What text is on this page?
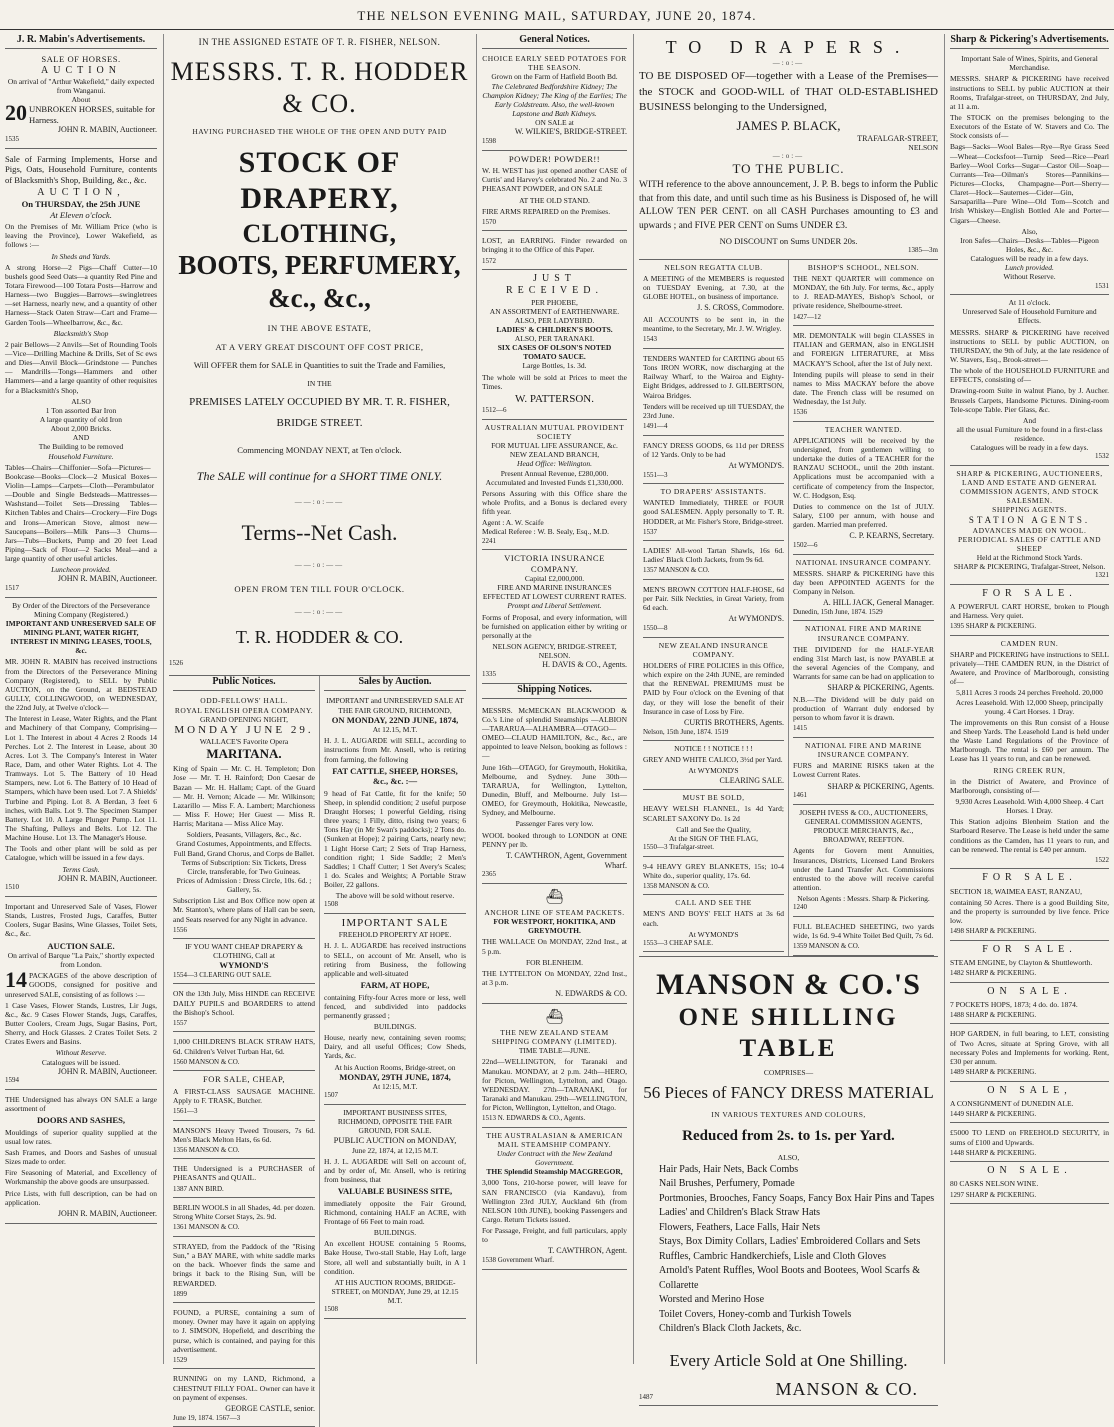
THE NELSON EVENING MAIL, SATURDAY, JUNE 20, 1874.
J. R. Mabin's Advertisements.
SALE OF HORSES.
AUCTION
On arrival of "Arthur Wakefield," daily expected from Wanganui.
About
20 UNBROKEN HORSES, suitable for Harness.
JOHN R. MABIN, Auctioneer.
1535
Sale of Farming Implements, Horse and Pigs, Oats, Household Furniture, contents of Blacksmith's Shop, Building, &c., &c.
AUCTION,
On THURSDAY, the 25th JUNE
At Eleven o'clock.
On the Premises of Mr. William Price (who is leaving the Province), Lower Wakefield, as follows :—
In Sheds and Yards.
A strong Horse—2 Pigs—Chaff Cutter—10 bushels good Seed Oats—a quantity Red Pine and Totara Firewood—100 Totara Posts—Harrow and Harness—two Buggies—Barrows—swingletrees—set Harness, nearly new, and a quantity of other Harness—Stack Oaten Straw—Cart and Frame—Garden Tools—Wheelbarrow, &c., &c.
Blacksmith's Shop
2 pair Bellows—2 Anvils—Set of Rounding Tools—Vice—Drilling Machine & Drills, Set of Sc ews and Dies—Anvil Block—Grindstone — Punches — Mandrills—Tongs—Hammers and other Hammers—and a large quantity of other requisites for a Blacksmith's Shop,
ALSO
1 Ton assorted Bar Iron
A large quantity of old Iron
About 2,000 Bricks.
AND
The Building to be removed
Household Furniture.
Tables—Chairs—Chiffonier—Sofa—Pictures—Bookcase—Books—Clock—2 Musical Boxes—Violin—Lamps—Carpets—Cloth—Perambulator—Double and Single Bedsteads—Mattresses—Washstand—Toilet Sets—Dressing Tables—Kitchen Tables and Chairs—Crockery—Fire Dogs and Irons—American Stove, almost new—Saucepans—Boilers—Milk Pans—3 Churns—Jars—Tubs—Buckets, Pump and 20 feet Lead Piping—Sack of Flour—2 Sacks Meal—and a large quantity of other useful articles.
Luncheon provided.
JOHN R. MABIN, Auctioneer.
1517
By Order of the Directors of the Perseverance Mining Company (Registered.)
IMPORTANT AND UNRESERVED SALE OF MINING PLANT, WATER RIGHT, INTEREST IN MINING LEASES, TOOLS, &c.
MR. JOHN R. MABIN has received instructions from the Directors of the Perseverance Mining Company (Registered), to SELL by Public AUCTION, on the Ground, at BEDSTEAD GULLY, COLLINGWOOD, on WEDNESDAY, the 22nd July, at Twelve o'clock—
The Interest in Lease, Water Rights, and the Plant and Machinery of that Company, Comprising— Lot 1. The Interest in about 4 Acres 2 Roods 14 Perches. Lot 2. The Interest in Lease, about 30 Acres. Lot 3. The Company's Interest in Water Race, Dam, and other Water Rights. Lot 4. The Tramways. Lot 5. The Battery of 10 Head Stampers, new. Lot 6. The Battery of 10 Head of Stampers, which have been used. Lot 7. A Shields' Turbine and Piping. Lot 8. A Berdan, 3 feet 6 inches, with Balls. Lot 9. The Specimen Stamper Battery. Lot 10. A Large Plunger Pump. Lot 11. The Shafting, Pulleys and Belts. Lot 12. The Machine House. Lot 13. The Manager's House.
The Tools and other plant will be sold as per Catalogue, which will be issued in a few days.
Terms Cash.
JOHN R. MABIN, Auctioneer.
1510
Important and Unreserved Sale of Vases, Flower Stands, Lustres, Frosted Jugs, Caraffes, Butter Coolers, Sugar Basins, Wine Glasses, Toilet Sets, &c., &c.
AUCTION SALE.
On arrival of Barque "La Paix," shortly expected from London.
14 PACKAGES of the above description of GOODS, consigned for positive and unreserved SALE, consisting of as follows :—
1 Case Vases, Flower Stands, Lustres, Lir Jugs, &c., &c. 9 Cases Flower Stands, Jugs, Caraffes, Butter Coolers, Cream Jugs, Sugar Basins, Port, Sherry, and Hock Glasses. 2 Crates Toilet Sets. 2 Crates Ewers and Basins.
Without Reserve.
Catalogues will be issued.
JOHN R. MABIN, Auctioneer.
1594
THE Undersigned has always ON SALE a large assortment of
DOORS AND SASHES,
Mouldings of superior quality supplied at the usual low rates.
Sash Frames, and Doors and Sashes of unusual Sizes made to order.
Fire Seasoning of Material, and Excellency of Workmanship the above goods are unsurpassed.
Price Lists, with full description, can be had on application.
JOHN R. MABIN, Auctioneer.
IN THE ASSIGNED ESTATE OF T. R. FISHER, NELSON.
MESSRS. T. R. HODDER & CO.
HAVING PURCHASED THE WHOLE OF THE OPEN AND DUTY PAID
STOCK OF DRAPERY,
CLOTHING,
BOOTS, PERFUMERY, &c., &c.,
IN THE ABOVE ESTATE,
AT A VERY GREAT DISCOUNT OFF COST PRICE,
Will OFFER them for SALE in Quantities to suit the Trade and Families,
IN THE
PREMISES LATELY OCCUPIED BY MR. T. R. FISHER,
BRIDGE STREET.
Commencing MONDAY NEXT, at Ten o'clock.
The SALE will continue for a SHORT TIME ONLY.
——:o:——
Terms--Net Cash.
——:o:——
OPEN FROM TEN TILL FOUR O'CLOCK.
——:o:——
T. R. HODDER & CO.
1526
Public Notices.
ODD-FELLOWS' HALL.
ROYAL ENGLISH OPERA COMPANY.
GRAND OPENING NIGHT,
MONDAY JUNE 29.
WALLACE'S Favorite Opera
MARITANA.
King of Spain — Mr. C. H. Templeton; Don Jose — Mr. T. H. Rainford; Don Caesar de Bazan — Mr. H. Hallam; Capt. of the Guard — Mr. H. Vernon; Alcade — Mr. Wilkinson; Lazarillo — Miss F. A. Lambert; Marchioness — Miss F. Howe; Her Guest — Miss R. Harris; Maritana — Miss Alice May.
Soldiers, Peasants, Villagers, &c., &c.
Grand Costumes, Appointments, and Effects. Full Band, Grand Chorus, and Corps de Ballet.
Terms of Subscription: Six Tickets, Dress Circle, transferable, for Two Guineas.
Prices of Admission : Dress Circle, 10s. 6d. ; Gallery, 5s.
Subscription List and Box Office now open at Mr. Stanton's, where plans of Hall can be seen, and Seats reserved for any Night in advance.
1556
IF YOU WANT CHEAP DRAPERY & CLOTHING, Call at
WYMOND'S
1554—3 CLEARING OUT SALE.
ON the 13th July, Miss HINDE can RECEIVE DAILY PUPILS and BOARDERS to attend the Bishop's School.
1557
1,000 CHILDREN'S BLACK STRAW HATS, 6d. Children's Velvet Turban Hat, 6d.
1560 MANSON & CO.
FOR SALE, CHEAP,
A FIRST-CLASS SAUSAGE MACHINE. Apply to F. TRASK, Butcher.
1561—3
MANSON'S Heavy Tweed Trousers, 7s 6d. Men's Black Melton Hats, 6s 6d.
1356 MANSON & CO.
THE Undersigned is a PURCHASER of PHEASANTS and QUAIL.
1387 ANN BIRD.
BERLIN WOOLS in all Shades, 4d. per dozen. Strong White Corset Stays, 2s. 9d.
1361 MANSON & CO.
STRAYED, from the Paddock of the "Rising Sun," a BAY MARE, with white saddle marks on the back. Whoever finds the same and brings it back to the Rising Sun, will be REWARDED.
1899
FOUND, a PURSE, containing a sum of money. Owner may have it again on applying to J. SIMSON, Hopefield, and describing the purse, which is contained, and paying for this advertisement.
1529
RUNNING on my LAND, Richmond, a CHESTNUT FILLY FOAL. Owner can have it on payment of expenses.
GEORGE CASTLE, senior.
June 19, 1874. 1567—3
Sales by Auction.
IMPORTANT and UNRESERVED SALE AT THE FAIR GROUND, RICHMOND,
ON MONDAY, 22ND JUNE, 1874,
At 12.15, M.T.
H. J. L. AUGARDE will SELL, according to instructions from Mr. Ansell, who is retiring from farming, the following
FAT CATTLE, SHEEP, HORSES, &c., &c. :—
9 head of Fat Cattle, fit for the knife; 50 Sheep, in splendid condition; 2 useful purpose Draught Horses; 1 powerful Gelding, rising three years; 1 Filly, ditto, rising two years; 6 Tons Hay (in Mr Swan's paddocks); 2 Tons do. (Sunken at Hope); 2 pairing Carts, nearly new; 1 Light Horse Cart; 2 Sets of Trap Harness, condition right; 1 Side Saddle; 2 Men's Saddles; 1 Chaff Cutter; 1 Set Avery's Scales; 1 do. Scales and Weights; A Portable Straw Boiler, 22 gallons.
The above will be sold without reserve.
1508
IMPORTANT SALE
FREEHOLD PROPERTY AT HOPE.
H. J. L. AUGARDE has received instructions to SELL, on account of Mr. Ansell, who is retiring from Business, the following applicable and well-situated
FARM, AT HOPE,
containing Fifty-four Acres more or less, well fenced, and subdivided into paddocks permanently grassed ;
BUILDINGS.
House, nearly new, containing seven rooms; Dairy, and all useful Offices; Cow Sheds, Yards, &c.
At his Auction Rooms, Bridge-street, on
MONDAY, 29TH JUNE, 1874,
At 12:15, M.T.
1507
IMPORTANT BUSINESS SITES, RICHMOND, OPPOSITE THE FAIR GROUND, FOR SALE.
PUBLIC AUCTION on MONDAY,
June 22, 1874, at 12,15 M.T.
H. J. L. AUGARDE will Sell on account of, and by order of, Mr. Ansell, who is retiring from business, that
VALUABLE BUSINESS SITE,
immediately opposite the Fair Ground, Richmond, containing HALF an ACRE, with Frontage of 66 Feet to main road.
BUILDINGS.
An excellent HOUSE containing 5 Rooms, Bake House, Two-stall Stable, Hay Loft, large Store, all well and substantially built, in A 1 condition.
AT HIS AUCTION ROOMS, BRIDGE-STREET, on MONDAY, June 29, at 12.15 M.T.
1508
General Notices.
CHOICE EARLY SEED POTATOES FOR THE SEASON.
Grown on the Farm of Hatfield Booth Bd.
The Celebrated Bedfordshire Kidney; The Champion Kidney; The King of the Earlies; The Early Coldstream. Also, the well-known Lapstone and Bath Kidneys.
ON SALE at
W. WILKIE'S, BRIDGE-STREET.
1598
POWDER! POWDER!!
W. H. WEST has just opened another CASE of Curtis' and Harvey's celebrated No. 2 and No. 3 PHEASANT POWDER, and ON SALE
AT THE OLD STAND.
FIRE ARMS REPAIRED on the Premises.
1570
LOST, an EARRING. Finder rewarded on bringing it to the Office of this Paper.
1572
JUST RECEIVED.
PER PHOEBE,
AN ASSORTMENT of EARTHENWARE.
ALSO, PER LADYBIRD.
LADIES' & CHILDREN'S BOOTS.
ALSO, PER TARANAKI.
SIX CASES OF OLSON'S NOTED TOMATO SAUCE.
Large Bottles, 1s. 3d.
The whole will be sold at Prices to meet the Times.
W. PATTERSON.
1512—6
AUSTRALIAN MUTUAL PROVIDENT SOCIETY
FOR MUTUAL LIFE ASSURANCE, &c.
NEW ZEALAND BRANCH,
Head Office: Wellington.
Present Annual Revenue, £280,000.
Accumulated and Invested Funds £1,330,000.
Persons Assuring with this Office share the whole Profits, and a Bonus is declared every fifth year.
Agent : A. W. Scaife
Medical Referee : W. B. Sealy, Esq., M.D.
2241
VICTORIA INSURANCE COMPANY.
Capital £2,000,000.
FIRE AND MARINE INSURANCES EFFECTED AT LOWEST CURRENT RATES.
Prompt and Liberal Settlement.
Forms of Proposal, and every information, will be furnished on application either by writing or personally at the
NELSON AGENCY, BRIDGE-STREET, NELSON.
H. DAVIS & CO., Agents.
1335
Shipping Notices.
MESSRS. McMECKAN BLACKWOOD & Co.'s Line of splendid Steamships —ALBION—TARARUA—ALHAMBRA—OTAGO—OMEO—CLAUD HAMILTON, &c., &c., are appointed to leave Nelson, booking as follows :—
June 16th—OTAGO, for Greymouth, Hokitika, Melbourne, and Sydney. June 30th—TARARUA, for Wellington, Lyttelton, Dunedin, Bluff, and Melbourne. July 1st—OMEO, for Greymouth, Hokitika, Newcastle, Sydney, and Melbourne.
Passenger Fares very low.
WOOL booked through to LONDON at ONE PENNY per lb.
T. CAWTHRON, Agent, Government Wharf.
2365
⛴
ANCHOR LINE OF STEAM PACKETS.
FOR WESTPORT, HOKITIKA, AND GREYMOUTH.
THE WALLACE On MONDAY, 22nd Inst., at 5 p.m.
FOR BLENHEIM.
THE LYTTELTON On MONDAY, 22nd Inst., at 3 p.m.
N. EDWARDS & CO.
⛴
THE NEW ZEALAND STEAM SHIPPING COMPANY (LIMITED).
TIME TABLE—JUNE.
22nd—WELLINGTON, for Taranaki and Manukau. MONDAY, at 2 p.m. 24th—HERO, for Picton, Wellington, Lyttelton, and Otago. WEDNESDAY. 27th—TARANAKI, for Taranaki and Manukau. 29th—WELLINGTON, for Picton, Wellington, Lyttelton, and Otago.
1513 N. EDWARDS & CO., Agents.
THE AUSTRALASIAN & AMERICAN MAIL STEAMSHIP COMPANY.
Under Contract with the New Zealand Government.
THE Splendid Steamship MACGREGOR,
3,000 Tons, 210-horse power, will leave for SAN FRANCISCO (via Kandavu), from Wellington 23rd JULY, Auckland 6th (from NELSON 10th JUNE), booking Passengers and Cargo. Return Tickets issued.
For Passage, Freight, and full particulars, apply to
T. CAWTHRON, Agent.
1538 Government Wharf.
TO DRAPERS.
—:o:—
TO BE DISPOSED OF—together with a Lease of the Premises—the STOCK and GOOD-WILL of THAT OLD-ESTABLISHED BUSINESS belonging to the Undersigned,
JAMES P. BLACK,
TRAFALGAR-STREET,
NELSON
—:o:—
TO THE PUBLIC.
WITH reference to the above announcement, J. P. B. begs to inform the Public that from this date, and until such time as his Business is Disposed of, he will ALLOW TEN PER CENT. on all CASH Purchases amounting to £3 and upwards ; and FIVE PER CENT on Sums UNDER £3.
NO DISCOUNT on Sums UNDER 20s.
1385—3m
NELSON REGATTA CLUB.
A MEETING of the MEMBERS is requested on TUESDAY Evening, at 7.30, at the GLOBE HOTEL, on business of importance.
J. S. CROSS, Commodore.
All ACCOUNTS to be sent in, in the meantime, to the Secretary, Mr. J. W. Wrigley.
1543
TENDERS WANTED for CARTING about 65 Tons IRON WORK, now discharging at the Railway Wharf, to the Wairoa and Eighty-Eight Bridges, addressed to J. GILBERTSON, Wairoa Bridges.
Tenders will be received up till TUESDAY, the 23rd June.
1491—4
FANCY DRESS GOODS, 6s 11d per DRESS of 12 Yards. Only to be had
At WYMOND'S.
1551—3
TO DRAPERS' ASSISTANTS.
WANTED Immediately, THREE or FOUR good SALESMEN. Apply personally to T. R. HODDER, at Mr. Fisher's Store, Bridge-street.
1537
LADIES' All-wool Tartan Shawls, 16s 6d. Ladies' Black Cloth Jackets, from 9s 6d.
1357 MANSON & CO.
MEN'S BROWN COTTON HALF-HOSE, 6d per Pair. Silk Neckties, in Great Variety, from 6d each.
At WYMOND'S.
1550—8
NEW ZEALAND INSURANCE COMPANY.
HOLDERS of FIRE POLICIES in this Office, which expire on the 24th JUNE, are reminded that the RENEWAL PREMIUMS must be PAID by Four o'clock on the Evening of that day, or they will lose the benefit of their Insurance in case of Loss by Fire.
CURTIS BROTHERS, Agents.
Nelson, 15th June, 1874. 1519
NOTICE ! ! NOTICE ! ! !
GREY AND WHITE CALICO, 3½d per Yard.
At WYMOND'S
CLEARING SALE.
MUST BE SOLD,
HEAVY WELSH FLANNEL, 1s 4d Yard; SCARLET SAXONY Do. 1s 2d
Call and See the Quality,
At the SIGN OF THE FLAG,
1550—3 Trafalgar-street.
9-4 HEAVY GREY BLANKETS, 15s; 10-4 White do., superior quality, 17s. 6d.
1358 MANSON & CO.
CALL AND SEE THE
MEN'S AND BOYS' FELT HATS at 3s 6d each.
At WYMOND'S
1553—3 CHEAP SALE.
BISHOP'S SCHOOL, NELSON.
THE NEXT QUARTER will commence on MONDAY, the 6th July. For terms, &c., apply to J. READ-MAYES, Bishop's School, or private residence, Shelbourne-street.
1427—12
MR. DEMONTALK will begin CLASSES in ITALIAN and GERMAN, also in ENGLISH and FOREIGN LITERATURE, at Miss MACKAY'S School, after the 1st of July next.
Intending pupils will please to send in their names to Miss MACKAY before the above date. The French class will be resumed on Wednesday, the 1st July.
1536
TEACHER WANTED.
APPLICATIONS will be received by the undersigned, from gentlemen willing to undertake the duties of a TEACHER for the RANZAU SCHOOL, until the 20th instant. Applications must be accompanied with a certificate of competency from the Inspector, W. C. Hodgson, Esq.
Duties to commence on the 1st of JULY. Salary, £100 per annum, with house and garden. Married man preferred.
C. P. KEARNS, Secretary.
1502—6
NATIONAL INSURANCE COMPANY.
MESSRS. SHARP & PICKERING have this day been APPOINTED AGENTS for the Company in Nelson.
A. HILL JACK, General Manager.
Dunedin, 15th June, 1874. 1529
NATIONAL FIRE AND MARINE INSURANCE COMPANY.
THE DIVIDEND for the HALF-YEAR ending 31st March last, is now PAYABLE at the several Agencies of the Company, and Warrants for same can be had on application to
SHARP & PICKERING, Agents.
N.B.—The Dividend will be duly paid on production of Warrant duly endorsed by person to whom favor it is drawn.
1415
NATIONAL FIRE AND MARINE INSURANCE COMPANY.
FURS and MARINE RISKS taken at the Lowest Current Rates.
SHARP & PICKERING, Agents.
1461
JOSEPH IVESS & CO., AUCTIONEERS, GENERAL COMMISSION AGENTS, PRODUCE MERCHANTS, &c., BROADWAY, REEFTON.
Agents for Govern ment Annuities, Insurances, Districts, Licensed Land Brokers under the Land Transfer Act. Commissions entrusted to the above will receive careful attention.
Nelson Agents : Messrs. Sharp & Pickering.
1240
FULL BLEACHED SHEETING, two yards wide, 1s 6d. 9-4 White Toilet Bed Quilt, 7s 6d.
1359 MANSON & CO.
MANSON & CO.'S
ONE SHILLING TABLE
COMPRISES—
56 Pieces of FANCY DRESS MATERIAL
IN VARIOUS TEXTURES AND COLOURS,
Reduced from 2s. to 1s. per Yard.
ALSO,
Hair Pads, Hair Nets, Back Combs
Nail Brushes, Perfumery, Pomade
Portmonies, Brooches, Fancy Soaps, Fancy Box Hair Pins and Tapes
Ladies' and Children's Black Straw Hats
Flowers, Feathers, Lace Falls, Hair Nets
Stays, Box Dimity Collars, Ladies' Embroidered Collars and Sets
Ruffles, Cambric Handkerchiefs, Lisle and Cloth Gloves
Arnold's Patent Ruffles, Wool Boots and Bootees, Wool Scarfs & Collarette
Worsted and Merino Hose
Toilet Covers, Honey-comb and Turkish Towels
Children's Black Cloth Jackets, &c.
Every Article Sold at One Shilling.
1487	MANSON & CO.
Sharp & Pickering's Advertisements.
Important Sale of Wines, Spirits, and General Merchandise.
MESSRS. SHARP & PICKERING have received instructions to SELL by public AUCTION at their Rooms, Trafalgar-street, on THURSDAY, 2nd July, at 11 a.m.
The STOCK on the premises belonging to the Executors of the Estate of W. Stavers and Co. The Stock consists of—
Bags—Sacks—Wool Bales—Rye—Rye Grass Seed—Wheat—Cocksfoot—Turnip Seed—Rice—Pearl Barley—Wool Corks—Sugar—Castor Oil—Soap—Currants—Tea—Oilman's Stores—Pannikins—Pictures—Clocks, Champagne—Port—Sherry—Claret—Hock—Sauternes—Cider—Gin, Sarsaparilla—Pure Wine—Old Tom—Scotch and Irish Whiskey—English Bottled Ale and Porter—Cigars—Cheese.
Also,
Iron Safes—Chairs—Desks—Tables—Pigeon Holes, &c., &c.
Catalogues will be ready in a few days.
Lunch provided.
Without Reserve.
1531
At 11 o'clock.
Unreserved Sale of Household Furniture and Effects.
MESSRS. SHARP & PICKERING have received instructions to SELL by public AUCTION, on THURSDAY, the 9th of July, at the late residence of W. Stavers, Esq., Brook-street—
The whole of the HOUSEHOLD FURNITURE and EFFECTS, consisting of—
Drawing-room Suite in walnut Piano, by J. Aucher. Brussels Carpets, Handsome Pictures. Dining-room Tele-scope Table. Pier Glass, &c.
And
all the usual Furniture to be found in a first-class residence.
Catalogues will be ready in a few days.
1532
SHARP & PICKERING, AUCTIONEERS, LAND AND ESTATE AND GENERAL COMMISSION AGENTS, AND STOCK SALESMEN.
SHIPPING AGENTS.
STATION AGENTS.
ADVANCES MADE ON WOOL.
PERIODICAL SALES OF CATTLE AND SHEEP
Held at the Richmond Stock Yards.
SHARP & PICKERING, Trafalgar-Street, Nelson.
1321
FOR SALE.
A POWERFUL CART HORSE, broken to Plough and Harness. Very quiet.
1395 SHARP & PICKERING.
CAMDEN RUN.
SHARP and PICKERING have instructions to SELL privately—THE CAMDEN RUN, in the District of Awatere, and Province of Marlborough, consisting of—
5,811 Acres 3 roods 24 perches Freehold. 20,000 Acres Leasehold. With 12,000 Sheep, principally young. 4 Cart Horses. 1 Dray.
The improvements on this Run consist of a House and Sheep Yards. The Leasehold Land is held under the Waste Land Regulations of the Province of Marlborough. The rental is £60 per annum. The Lease has 11 years to run, and can be renewed.
RING CREEK RUN,
in the District of Awatere, and Province of Marlborough, consisting of—
9,930 Acres Leasehold. With 4,000 Sheep. 4 Cart Horses. 1 Dray.
This Station adjoins Blenheim Station and the Starboard Reserve. The Lease is held under the same conditions as the Camden, has 11 years to run, and can be renewed. The rental is £40 per annum.
1522
FOR SALE.
SECTION 18, WAIMEA EAST, RANZAU,
containing 50 Acres. There is a good Building Site, and the property is surrounded by live fence. Price low.
1498 SHARP & PICKERING.
FOR SALE.
STEAM ENGINE, by Clayton & Shuttleworth.
1482 SHARP & PICKERING.
ON SALE.
7 POCKETS HOPS, 1873; 4 do. do. 1874.
1488 SHARP & PICKERING.
HOP GARDEN, in full bearing, to LET, consisting of Two Acres, situate at Spring Grove, with all necessary Poles and Implements for working. Rent, £30 per annum.
1489 SHARP & PICKERING.
ON SALE,
A CONSIGNMENT of DUNEDIN ALE.
1449 SHARP & PICKERING.
£5000 TO LEND on FREEHOLD SECURITY, in sums of £100 and Upwards.
1448 SHARP & PICKERING.
ON SALE.
80 CASKS NELSON WINE.
1297 SHARP & PICKERING.
